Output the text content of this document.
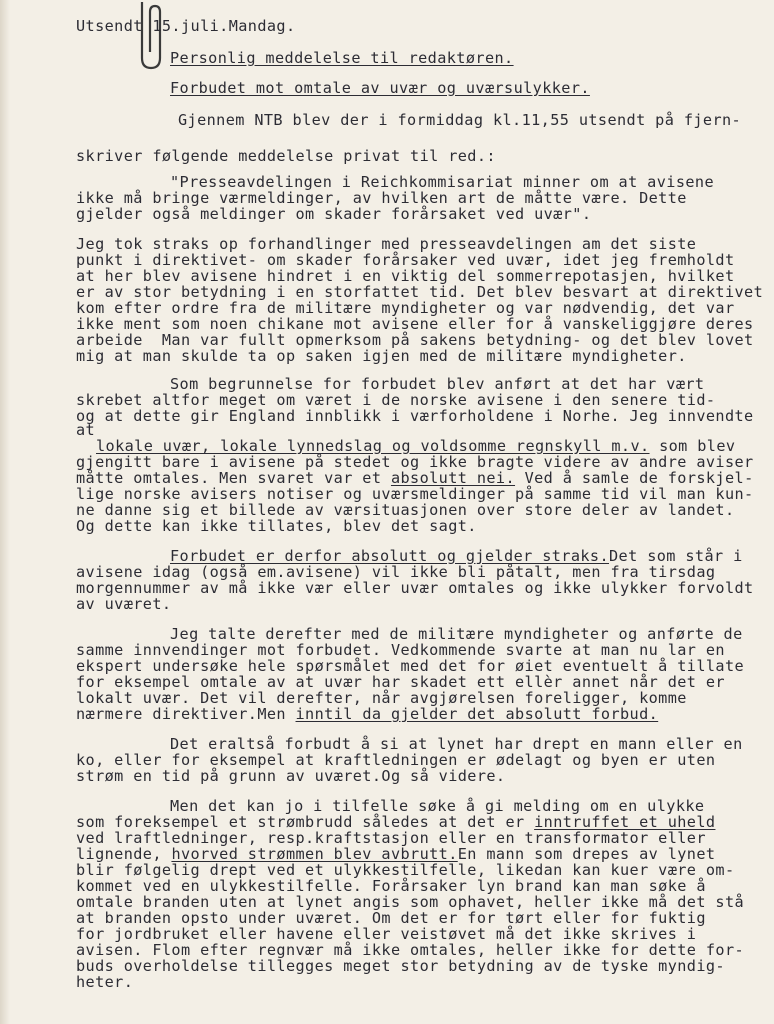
Utsendt 15.juli.Mandag.
Personlig meddelelse til redaktøren.
Forbudet mot omtale av uvær og uværsulykker.
Gjennem NTB blev der i formiddag kl.11,55 utsendt på fjern-
skriver følgende meddelelse privat til red.:
"Presseavdelingen i Reichkommisariat minner om at avisene
ikke må bringe værmeldinger, av hvilken art de måtte være. Dette
gjelder også meldinger om skader forårsaket ved uvær".
Jeg tok straks op forhandlinger med presseavdelingen am det siste
punkt i direktivet- om skader forårsaker ved uvær, idet jeg fremholdt
at her blev avisene hindret i en viktig del sommerrepotasjen, hvilket
er av stor betydning i en storfattet tid. Det blev besvart at direktivet
kom efter ordre fra de militære myndigheter og var nødvendig, det var
ikke ment som noen chikane mot avisene eller for å vanskeliggjøre deres
arbeide  Man var fullt opmerksom på sakens betydning- og det blev lovet
mig at man skulde ta op saken igjen med de militære myndigheter.
Som begrunnelse for forbudet blev anført at det har vært
skrebet altfor meget om været i de norske avisene i den senere tid-
og at dette gir England innblikk i værforholdene i Norhe. Jeg innvendte
at
lokale uvær, lokale lynnedslag og voldsomme regnskyll m.v. som blev
gjengitt bare i avisene på stedet og ikke bragte videre av andre aviser
måtte omtales. Men svaret var et absolutt nei. Ved å samle de forskjel-
lige norske avisers notiser og uværsmeldinger på samme tid vil man kun-
ne danne sig et billede av værsituasjonen over store deler av landet.
Og dette kan ikke tillates, blev det sagt.
Forbudet er derfor absolutt og gjelder straks.Det som står i
avisene idag (også em.avisene) vil ikke bli påtalt, men fra tirsdag
morgennummer av må ikke vær eller uvær omtales og ikke ulykker forvoldt
av uværet.
Jeg talte derefter med de militære myndigheter og anførte de
samme innvendinger mot forbudet. Vedkommende svarte at man nu lar en
ekspert undersøke hele spørsmålet med det for øiet eventuelt å tillate
for eksempel omtale av at uvær har skadet ett ellèr annet når det er
lokalt uvær. Det vil derefter, når avgjørelsen foreligger, komme
nærmere direktiver.Men inntil da gjelder det absolutt forbud.
Det eraltså forbudt å si at lynet har drept en mann eller en
ko, eller for eksempel at kraftledningen er ødelagt og byen er uten
strøm en tid på grunn av uværet.Og så videre.
Men det kan jo i tilfelle søke å gi melding om en ulykke
som foreksempel et strømbrudd således at det er inntruffet et uheld
ved lraftledninger, resp.kraftstasjon eller en transformator eller
lignende, hvorved strømmen blev avbrutt.En mann som drepes av lynet
blir følgelig drept ved et ulykkestilfelle, likedan kan kuer være om-
kommet ved en ulykkestilfelle. Forårsaker lyn brand kan man søke å
omtale branden uten at lynet angis som ophavet, heller ikke må det stå
at branden opsto under uværet. Om det er for tørt eller for fuktig
for jordbruket eller havene eller veistøvet må det ikke skrives i
avisen. Flom efter regnvær må ikke omtales, heller ikke for dette for-
buds overholdelse tillegges meget stor betydning av de tyske myndig-
heter.
